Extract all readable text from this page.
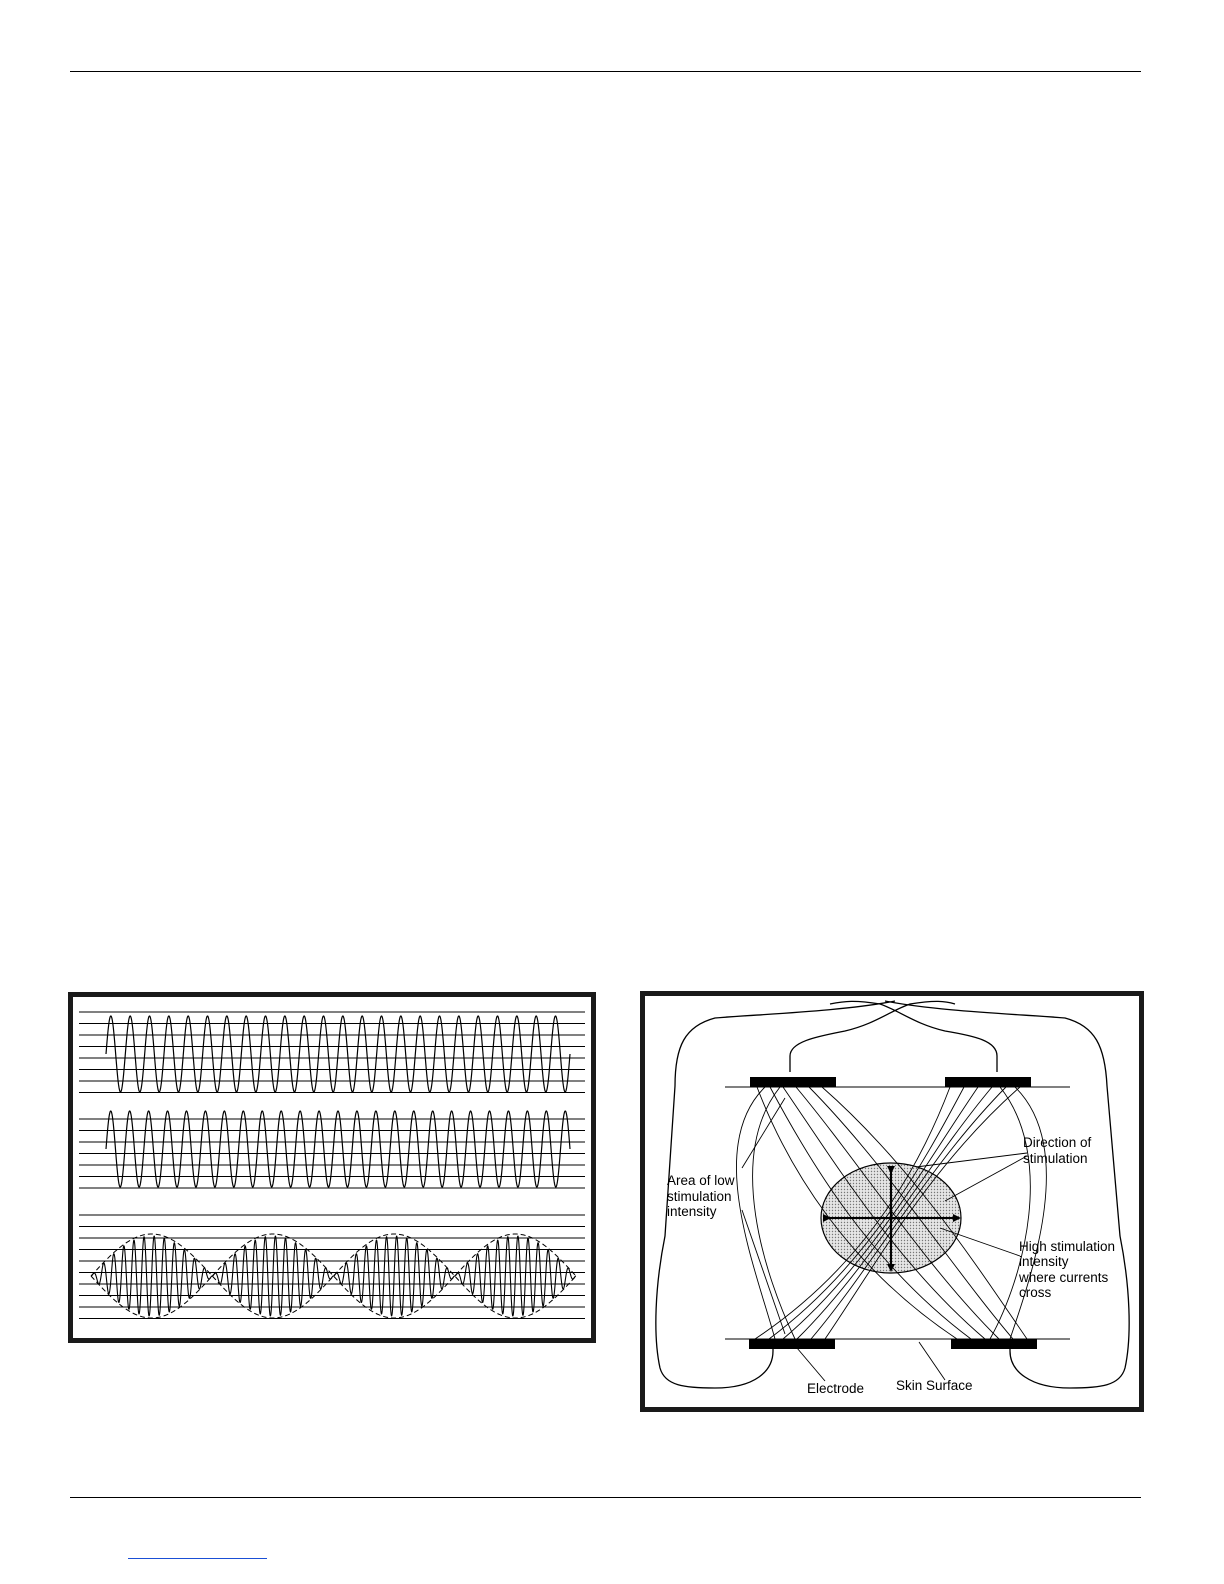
Direction of
stimulation
Area of low
stimulation
intensity
High stimulation
intensity
where currents
cross
Electrode Skin Surface
